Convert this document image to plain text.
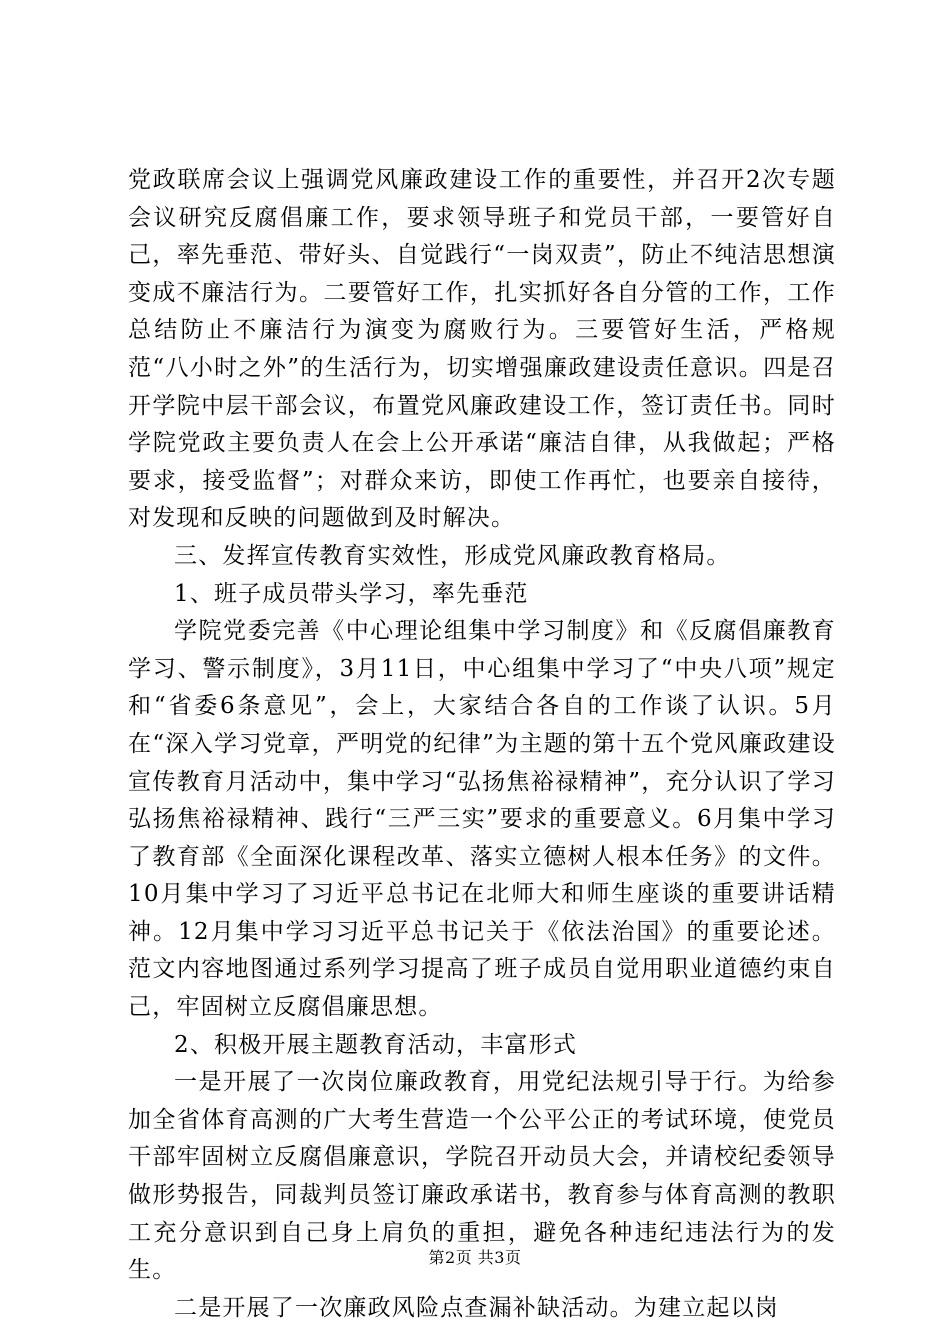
党政联席会议上强调党风廉政建设工作的重要性，并召开2次专题会议研究反腐倡廉工作，要求领导班子和党员干部，一要管好自己，率先垂范、带好头、自觉践行“一岗双责”，防止不纯洁思想演变成不廉洁行为。二要管好工作，扎实抓好各自分管的工作，工作总结防止不廉洁行为演变为腐败行为。三要管好生活，严格规范“八小时之外”的生活行为，切实增强廉政建设责任意识。四是召开学院中层干部会议，布置党风廉政建设工作，签订责任书。同时学院党政主要负责人在会上公开承诺“廉洁自律，从我做起；严格要求，接受监督”；对群众来访，即使工作再忙，也要亲自接待，对发现和反映的问题做到及时解决。

三、发挥宣传教育实效性，形成党风廉政教育格局。

1、班子成员带头学习，率先垂范

学院党委完善《中心理论组集中学习制度》和《反腐倡廉教育学习、警示制度》，3月11日，中心组集中学习了“中央八项”规定和“省委6条意见”，会上，大家结合各自的工作谈了认识。5月在“深入学习党章，严明党的纪律”为主题的第十五个党风廉政建设宣传教育月活动中，集中学习“弘扬焦裕禄精神”，充分认识了学习弘扬焦裕禄精神、践行“三严三实”要求的重要意义。6月集中学习了教育部《全面深化课程改革、落实立德树人根本任务》的文件。10月集中学习了习近平总书记在北师大和师生座谈的重要讲话精神。12月集中学习习近平总书记关于《依法治国》的重要论述。范文内容地图通过系列学习提高了班子成员自觉用职业道德约束自己，牢固树立反腐倡廉思想。

2、积极开展主题教育活动，丰富形式

一是开展了一次岗位廉政教育，用党纪法规引导于行。为给参加全省体育高测的广大考生营造一个公平公正的考试环境，使党员干部牢固树立反腐倡廉意识，学院召开动员大会，并请校纪委领导做形势报告，同裁判员签订廉政承诺书，教育参与体育高测的教职工充分意识到自己身上肩负的重担，避免各种违纪违法行为的发生。

二是开展了一次廉政风险点查漏补缺活动。为建立起以岗

第2页 共3页
